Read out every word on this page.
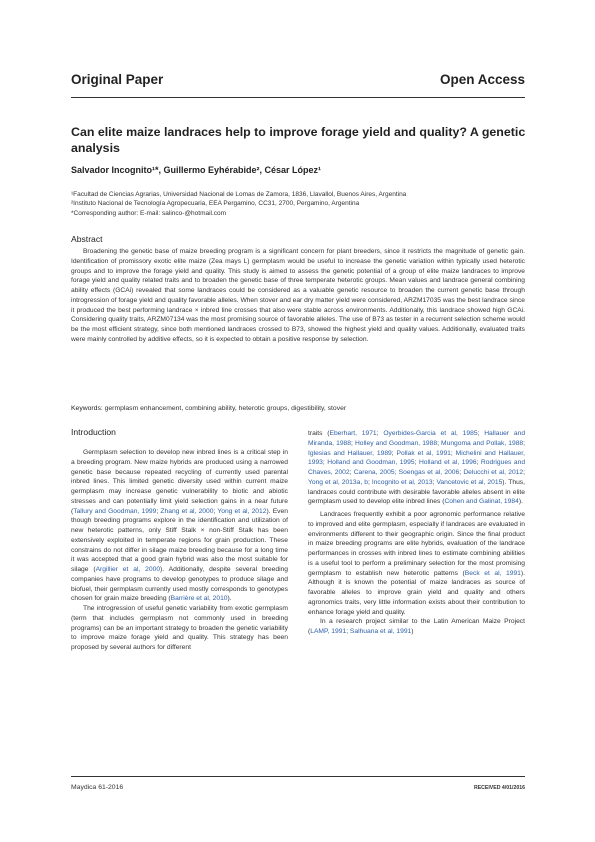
Original Paper	Open Access
Can elite maize landraces help to improve forage yield and quality? A genetic analysis
Salvador Incognito¹*, Guillermo Eyhérabide², César López¹
¹Facultad de Ciencias Agrarias, Universidad Nacional de Lomas de Zamora, 1836, Llavallol, Buenos Aires, Argentina
²Instituto Nacional de Tecnología Agropecuaria, EEA Pergamino, CC31, 2700, Pergamino, Argentina
*Corresponding author: E-mail: salinco-@hotmail.com
Abstract

Broadening the genetic base of maize breeding program is a significant concern for plant breeders, since it restricts the magnitude of genetic gain. Identification of promissory exotic elite maize (Zea mays L) germplasm would be useful to increase the genetic variation within typically used heterotic groups and to improve the forage yield and quality. This study is aimed to assess the genetic potential of a group of elite maize landraces to improve forage yield and quality related traits and to broaden the genetic base of three temperate heterotic groups. Mean values and landrace general combining ability effects (GCAi) revealed that some landraces could be considered as a valuable genetic resource to broaden the current genetic base through introgression of forage yield and quality favorable alleles. When stover and ear dry matter yield were considered, ARZM17035 was the best landrace since it produced the best performing landrace × inbred line crosses that also were stable across environments. Additionally, this landrace showed high GCAi. Considering quality traits, ARZM07134 was the most promising source of favorable alleles. The use of B73 as tester in a recurrent selection scheme would be the most efficient strategy, since both mentioned landraces crossed to B73, showed the highest yield and quality values. Additionally, evaluated traits were mainly controlled by additive effects, so it is expected to obtain a positive response by selection.

Keywords: germplasm enhancement, combining ability, heterotic groups, digestibility, stover
Introduction

Germplasm selection to develop new inbred lines is a critical step in a breeding program. New maize hybrids are produced using a narrowed genetic base because repeated recycling of currently used parental inbred lines. This limited genetic diversity used within current maize germplasm may increase genetic vulnerability to biotic and abiotic stresses and can potentially limit yield selection gains in a near future (Tallury and Goodman, 1999; Zhang et al, 2000; Yong et al, 2012). Even though breeding programs explore in the identification and utilization of new heterotic patterns, only Stiff Stalk × non-Stiff Stalk has been extensively exploited in temperate regions for grain production. These constrains do not differ in silage maize breeding because for a long time it was accepted that a good grain hybrid was also the most suitable for silage (Argillier et al, 2000). Additionally, despite several breeding companies have programs to develop genotypes to produce silage and biofuel, their germplasm currently used mostly corresponds to genotypes chosen for grain maize breeding (Barrière et al, 2010).

The introgression of useful genetic variability from exotic germplasm (term that includes germplasm not commonly used in breeding programs) can be an important strategy to broaden the genetic variability to improve maize forage yield and quality. This strategy has been proposed by several authors for different

traits (Eberhart, 1971; Oyerbides-Garcia et al, 1985; Hallauer and Miranda, 1988; Holley and Goodman, 1988; Mungoma and Pollak, 1988; Iglesias and Hallauer, 1989; Pollak et al, 1991; Michelini and Hallauer, 1993; Holland and Goodman, 1995; Holland et al, 1996; Rodrigues and Chaves, 2002; Carena, 2005; Soengas et al, 2006; Delucchi et al, 2012; Yong et al, 2013a, b; Incognito et al, 2013; Vancetovic et al, 2015). Thus, landraces could contribute with desirable favorable alleles absent in elite germplasm used to develop elite inbred lines (Cohen and Galinat, 1984).

Landraces frequently exhibit a poor agronomic performance relative to improved and elite germplasm, especially if landraces are evaluated in environments different to their geographic origin. Since the final product in maize breeding programs are elite hybrids, evaluation of the landrace performances in crosses with inbred lines to estimate combining abilities is a useful tool to perform a preliminary selection for the most promising germplasm to establish new heterotic patterns (Beck et al, 1991). Although it is known the potential of maize landraces as source of favorable alleles to improve grain yield and quality and others agronomics traits, very little information exists about their contribution to enhance forage yield and quality.

In a research project similar to the Latin American Maize Project (LAMP, 1991; Salhuana et al, 1991)

Maydica 61-2016	RECEIVED 4/01/2016
